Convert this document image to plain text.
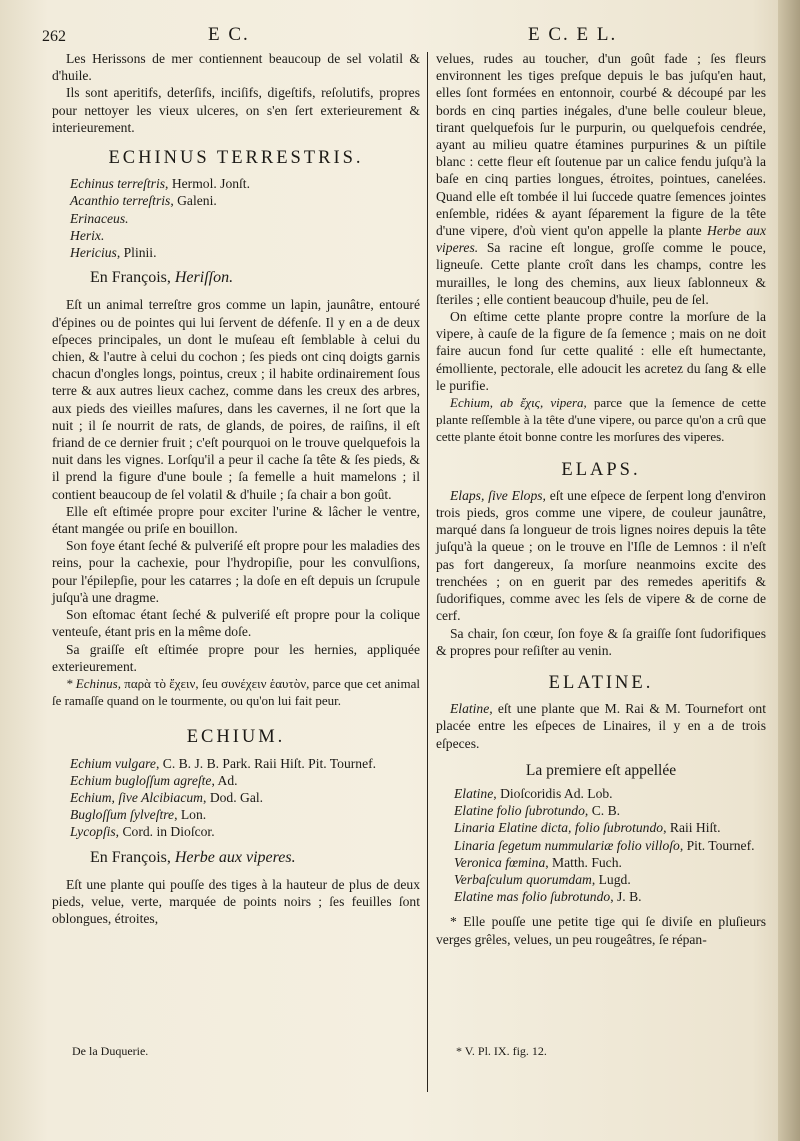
262	E C.	E C. E L.

Les Herissons de mer contiennent beaucoup de sel volatil & d'huile.

Ils sont aperitifs, deterſifs, inciſifs, digeſtifs, reſolutifs, propres pour nettoyer les vieux ulceres, on s'en ſert exterieurement & interieurement.

ECHINUS TERRESTRIS.

Echinus terreſtris, Hermol. Jonſt.

Acanthio terreſtris, Galeni.

Erinaceus.

Herix.

Hericius, Plinii.

En François, Heriſſon.

Eſt un animal terreſtre gros comme un lapin, jaunâtre, entouré d'épines ou de pointes qui lui ſervent de défenſe. Il y en a de deux eſpeces principales, un dont le muſeau eſt ſemblable à celui du chien, & l'autre à celui du cochon ; ſes pieds ont cinq doigts garnis chacun d'ongles longs, pointus, creux ; il habite ordinairement ſous terre & aux autres lieux cachez, comme dans les creux des arbres, aux pieds des vieilles maſures, dans les cavernes, il ne ſort que la nuit ; il ſe nourrit de rats, de glands, de poires, de raiſins, il eſt friand de ce dernier fruit ; c'eſt pourquoi on le trouve quelquefois la nuit dans les vignes. Lorſqu'il a peur il cache ſa tête & ſes pieds, & il prend la figure d'une boule ; ſa femelle a huit mamelons ; il contient beaucoup de ſel volatil & d'huile ; ſa chair a bon goût.

Elle eſt eſtimée propre pour exciter l'urine & lâcher le ventre, étant mangée ou priſe en bouillon.

Son foye étant ſeché & pulveriſé eſt propre pour les maladies des reins, pour la cachexie, pour l'hydropiſie, pour les convulſions, pour l'épilepſie, pour les catarres ; la doſe en eſt depuis un ſcrupule juſqu'à une dragme.

Son eſtomac étant ſeché & pulveriſé eſt propre pour la colique venteuſe, étant pris en la même doſe.

Sa graiſſe eſt eſtimée propre pour les hernies, appliquée exterieurement.

* Echinus, παρὰ τὸ ἔχειν, ſeu συνέχειν ἑαυτὸν, parce que cet animal ſe ramaſſe quand on le tourmente, ou qu'on lui fait peur.

ECHIUM.

Echium vulgare, C. B. J. B. Park. Raii Hiſt. Pit. Tournef.

Echium bugloſſum agreſte, Ad.

Echium, ſive Alcibiacum, Dod. Gal.

Bugloſſum ſylveſtre, Lon.

Lycopſis, Cord. in Dioſcor.

En François, Herbe aux viperes.

Eſt une plante qui pouſſe des tiges à la hauteur de plus de deux pieds, velue, verte, marquée de points noirs ; ſes feuilles ſont oblongues, étroites,

De la Duquerie.

velues, rudes au toucher, d'un goût fade ; ſes fleurs environnent les tiges preſque depuis le bas juſqu'en haut, elles ſont formées en entonnoir, courbé & découpé par les bords en cinq parties inégales, d'une belle couleur bleue, tirant quelquefois ſur le purpurin, ou quelquefois cendrée, ayant au milieu quatre étamines purpurines & un piſtile blanc : cette fleur eſt ſoutenue par un calice fendu juſqu'à la baſe en cinq parties longues, étroites, pointues, canelées. Quand elle eſt tombée il lui ſuccede quatre ſemences jointes enſemble, ridées & ayant ſéparement la figure de la tête d'une vipere, d'où vient qu'on appelle la plante Herbe aux viperes. Sa racine eſt longue, groſſe comme le pouce, ligneuſe. Cette plante croît dans les champs, contre les murailles, le long des chemins, aux lieux ſablonneux & ſteriles ; elle contient beaucoup d'huile, peu de ſel.

On eſtime cette plante propre contre la morſure de la vipere, à cauſe de la figure de ſa ſemence ; mais on ne doit faire aucun fond ſur cette qualité : elle eſt humectante, émolliente, pectorale, elle adoucit les acretez du ſang & elle le purifie.

Echium, ab ἔχις, vipera, parce que la ſemence de cette plante reſſemble à la tête d'une vipere, ou parce qu'on a crû que cette plante étoit bonne contre les morſures des viperes.

ELAPS.

Elaps, ſive Elops, eſt une eſpece de ſerpent long d'environ trois pieds, gros comme une vipere, de couleur jaunâtre, marqué dans ſa longueur de trois lignes noires depuis la tête juſqu'à la queue ; on le trouve en l'Iſle de Lemnos : il n'eſt pas fort dangereux, ſa morſure neanmoins excite des trenchées ; on en guerit par des remedes aperitifs & ſudorifiques, comme avec les ſels de vipere & de corne de cerf.

Sa chair, ſon cœur, ſon foye & ſa graiſſe ſont ſudorifiques & propres pour reſiſter au venin.

ELATINE.

Elatine, eſt une plante que M. Rai & M. Tournefort ont placée entre les eſpeces de Linaires, il y en a de trois eſpeces.

La premiere eſt appellée

Elatine, Dioſcoridis Ad. Lob.

Elatine folio ſubrotundo, C. B.

Linaria Elatine dicta, folio ſubrotundo, Raii Hiſt.

Linaria ſegetum nummulariæ folio villoſo, Pit. Tournef.

Veronica fœmina, Matth. Fuch.

Verbaſculum quorumdam, Lugd.

Elatine mas folio ſubrotundo, J. B.

* Elle pouſſe une petite tige qui ſe diviſe en pluſieurs verges grêles, velues, un peu rougeâtres, ſe répan-

* V. Pl. IX. fig. 12.
